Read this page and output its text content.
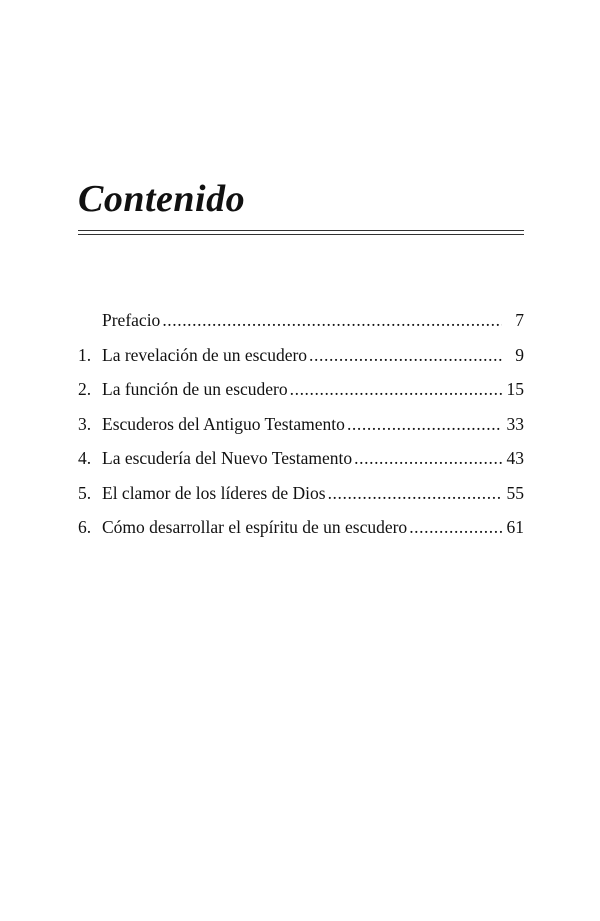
Contenido
Prefacio .....	7
1. La revelación de un escudero .....	9
2. La función de un escudero .....	15
3. Escuderos del Antiguo Testamento .....	33
4. La escudería del Nuevo Testamento .....	43
5. El clamor de los líderes de Dios .....	55
6. Cómo desarrollar el espíritu de un escudero .....	61
